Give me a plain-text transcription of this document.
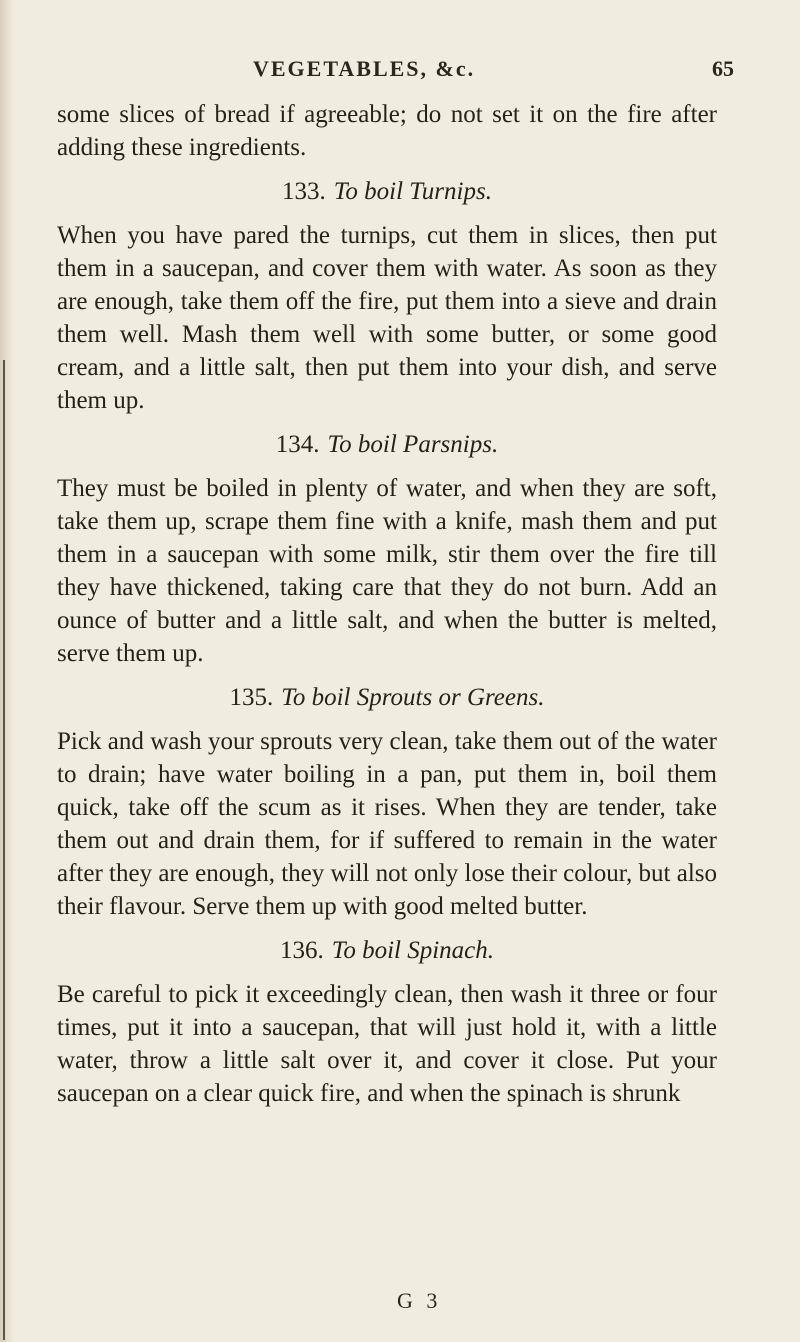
VEGETABLES, &c.	65

some slices of bread if agreeable; do not set it on the fire after adding these ingredients.

133. To boil Turnips.

When you have pared the turnips, cut them in slices, then put them in a saucepan, and cover them with water. As soon as they are enough, take them off the fire, put them into a sieve and drain them well. Mash them well with some butter, or some good cream, and a little salt, then put them into your dish, and serve them up.

134. To boil Parsnips.

They must be boiled in plenty of water, and when they are soft, take them up, scrape them fine with a knife, mash them and put them in a saucepan with some milk, stir them over the fire till they have thickened, taking care that they do not burn. Add an ounce of butter and a little salt, and when the butter is melted, serve them up.

135. To boil Sprouts or Greens.

Pick and wash your sprouts very clean, take them out of the water to drain; have water boiling in a pan, put them in, boil them quick, take off the scum as it rises. When they are tender, take them out and drain them, for if suffered to remain in the water after they are enough, they will not only lose their colour, but also their flavour. Serve them up with good melted butter.

136. To boil Spinach.

Be careful to pick it exceedingly clean, then wash it three or four times, put it into a saucepan, that will just hold it, with a little water, throw a little salt over it, and cover it close. Put your saucepan on a clear quick fire, and when the spinach is shrunk

G 3
